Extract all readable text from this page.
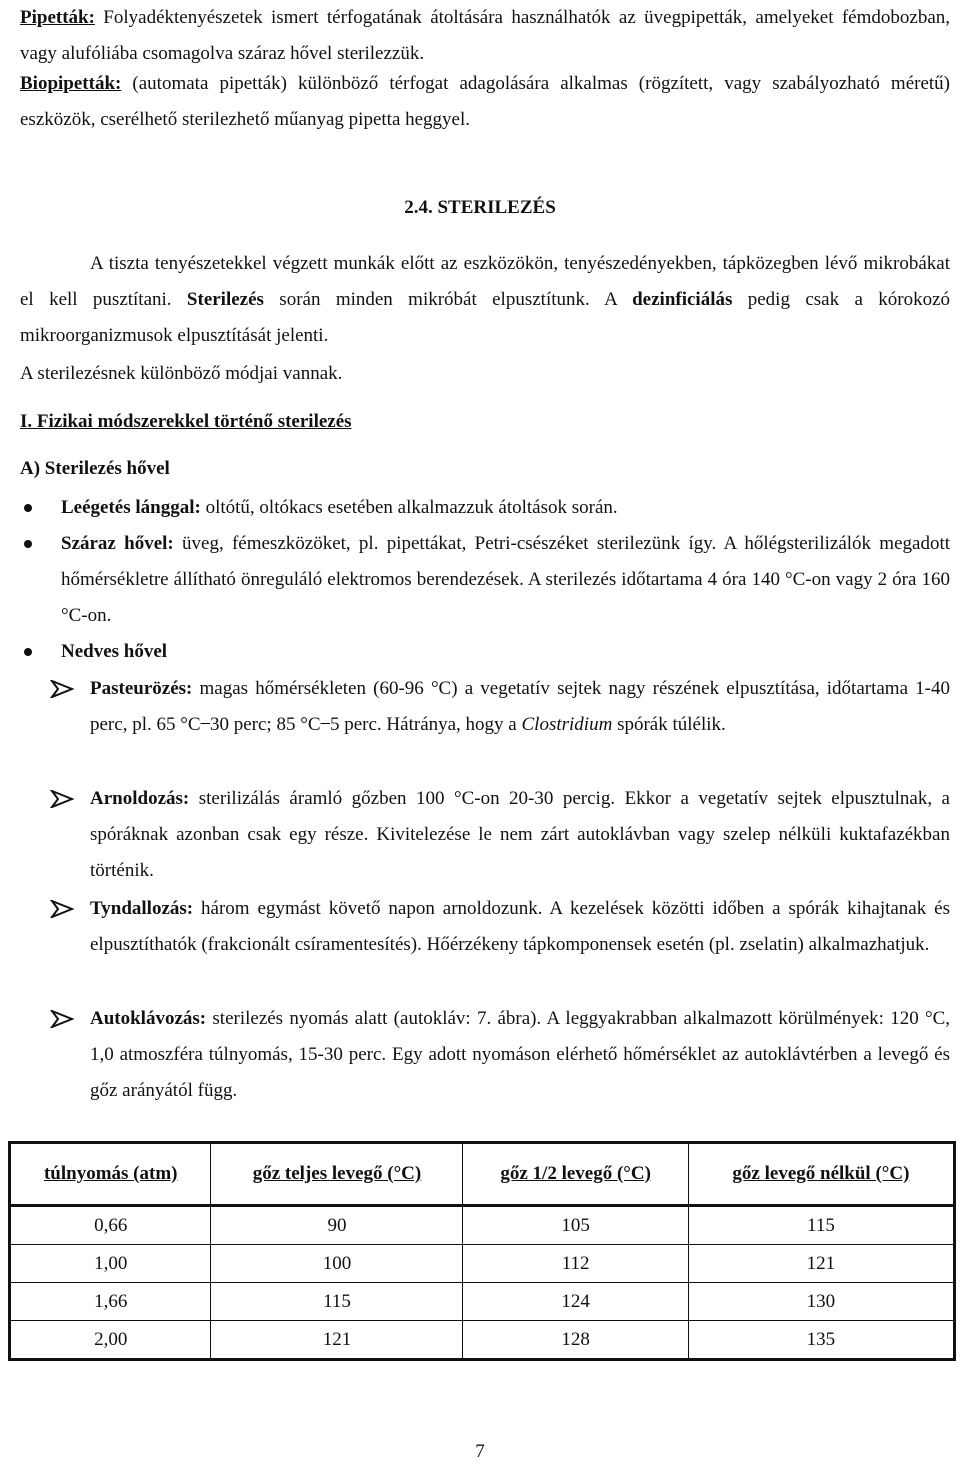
Pipetták: Folyadéktenyészetek ismert térfogatának átoltására használhatók az üvegpipetták, amelyeket fémdobozban, vagy alufóliába csomagolva száraz hővel sterilezzük.

Biopipetták: (automata pipetták) különböző térfogat adagolására alkalmas (rögzített, vagy szabályozható méretű) eszközök, cserélhető sterilezhető műanyag pipetta heggyel.

2.4. STERILEZÉS

A tiszta tenyészetekkel végzett munkák előtt az eszközökön, tenyészedényekben, tápközegben lévő mikrobákat el kell pusztítani. Sterilezés során minden mikróbát elpusztítunk. A dezinficiálás pedig csak a kórokozó mikroorganizmusok elpusztítását jelenti.

A sterilezésnek különböző módjai vannak.

I. Fizikai módszerekkel történő sterilezés

A) Sterilezés hővel

Leégetés lánggal: oltótű, oltókacs esetében alkalmazzuk átoltások során.

Száraz hővel: üveg, fémeszközöket, pl. pipettákat, Petri-csészéket sterilezünk így. A hőlégsterilizálók megadott hőmérsékletre állítható önreguláló elektromos berendezések. A sterilezés időtartama 4 óra 140 °C-on vagy 2 óra 160 °C-on.

Nedves hővel

Pasteurözés: magas hőmérsékleten (60-96 °C) a vegetatív sejtek nagy részének elpusztítása, időtartama 1-40 perc, pl. 65 °C ̶ 30 perc; 85 °C ̶ 5 perc. Hátránya, hogy a Clostridium spórák túlélik.

Arnoldozás: sterilizálás áramló gőzben 100 °C-on 20-30 percig. Ekkor a vegetatív sejtek elpusztulnak, a spóráknak azonban csak egy része. Kivitelezése le nem zárt autoklávban vagy szelep nélküli kuktafazékban történik.

Tyndallozás: három egymást követő napon arnoldozunk. A kezelések közötti időben a spórák kihajtanak és elpusztíthatók (frakcionált csíramentesítés). Hőérzékeny tápkomponensek esetén (pl. zselatin) alkalmazhatjuk.

Autoklávozás: sterilezés nyomás alatt (autokláv: 7. ábra). A leggyakrabban alkalmazott körülmények: 120 °C, 1,0 atmoszféra túlnyomás, 15-30 perc. Egy adott nyomáson elérhető hőmérséklet az autoklávtérben a levegő és gőz arányától függ.

túlnyomás (atm)	gőz teljes levegő (°C)	gőz 1/2 levegő (°C)	gőz levegő nélkül (°C)
0,66	90	105	115
1,00	100	112	121
1,66	115	124	130
2,00	121	128	135
7
